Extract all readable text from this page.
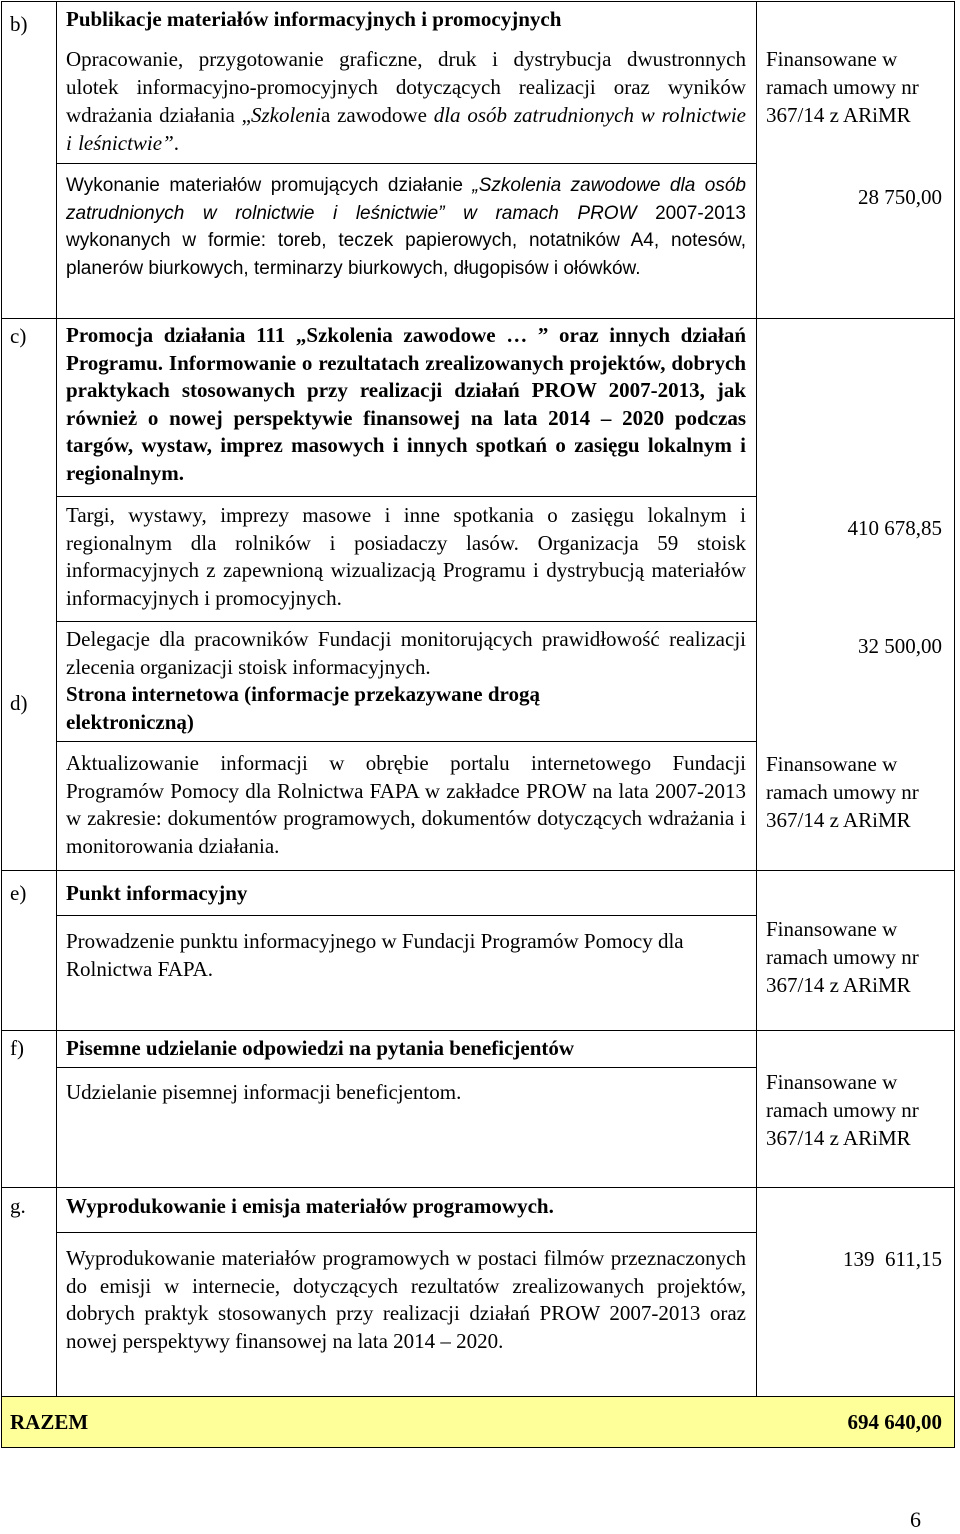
b) Publikacje materiałów informacyjnych i promocyjnych

Opracowanie, przygotowanie graficzne, druk i dystrybucja dwustronnych ulotek informacyjno-promocyjnych dotyczących realizacji oraz wyników wdrażania działania „Szkolenia zawodowe dla osób zatrudnionych w rolnictwie i leśnictwie”.

Finansowane w ramach umowy nr 367/14 z ARiMR

Wykonanie materiałów promujących działanie „Szkolenia zawodowe dla osób zatrudnionych w rolnictwie i leśnictwie” w ramach PROW 2007-2013 wykonanych w formie: toreb, teczek papierowych, notatników A4, notesów, planerów biurkowych, terminarzy biurkowych, długopisów i ołówków.

28 750,00

c) Promocja działania 111 „Szkolenia zawodowe … ” oraz innych działań Programu. Informowanie o rezultatach zrealizowanych projektów, dobrych praktykach stosowanych przy realizacji działań PROW 2007-2013, jak również o nowej perspektywie finansowej na lata 2014 – 2020 podczas targów, wystaw, imprez masowych i innych spotkań o zasięgu lokalnym i regionalnym.

Targi, wystawy, imprezy masowe i inne spotkania o zasięgu lokalnym i regionalnym dla rolników i posiadaczy lasów. Organizacja 59 stoisk informacyjnych z zapewnioną wizualizacją Programu i dystrybucją materiałów informacyjnych i promocyjnych.

410 678,85

Delegacje dla pracowników Fundacji monitorujących prawidłowość realizacji zlecenia organizacji stoisk informacyjnych.

32 500,00

d) Strona internetowa (informacje przekazywane drogą elektroniczną)

Aktualizowanie informacji w obrębie portalu internetowego Fundacji Programów Pomocy dla Rolnictwa FAPA w zakładce PROW na lata 2007-2013 w zakresie: dokumentów programowych, dokumentów dotyczących wdrażania i monitorowania działania.

Finansowane w ramach umowy nr 367/14 z ARiMR

e) Punkt informacyjny

Prowadzenie punktu informacyjnego w Fundacji Programów Pomocy dla Rolnictwa FAPA.

Finansowane w ramach umowy nr 367/14 z ARiMR

f) Pisemne udzielanie odpowiedzi na pytania beneficjentów

Udzielanie pisemnej informacji beneficjentom.	Finansowane w ramach umowy nr 367/14 z ARiMR

g. Wyprodukowanie i emisja materiałów programowych.

Wyprodukowanie materiałów programowych w postaci filmów przeznaczonych do emisji w internecie, dotyczących rezultatów zrealizowanych projektów, dobrych praktyk stosowanych przy realizacji działań PROW 2007-2013 oraz nowej perspektywy finansowej na lata 2014 – 2020.

139  611,15

RAZEM	694 640,00

6
